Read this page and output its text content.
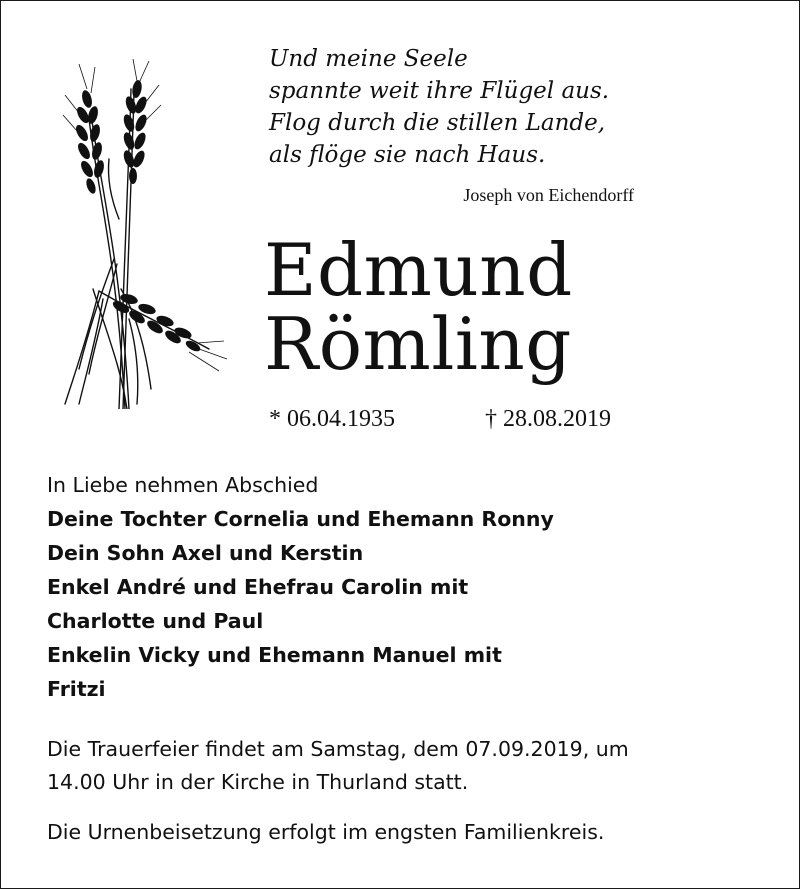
Und meine Seele
spannte weit ihre Flügel aus.
Flog durch die stillen Lande,
als flöge sie nach Haus.
Joseph von Eichendorff
Edmund
Römling
* 06.04.1935	† 28.08.2019
In Liebe nehmen Abschied
Deine Tochter Cornelia und Ehemann Ronny
Dein Sohn Axel und Kerstin
Enkel André und Ehefrau Carolin mit
Charlotte und Paul
Enkelin Vicky und Ehemann Manuel mit
Fritzi
Die Trauerfeier findet am Samstag, dem 07.09.2019, um
14.00 Uhr in der Kirche in Thurland statt.
Die Urnenbeisetzung erfolgt im engsten Familienkreis.
